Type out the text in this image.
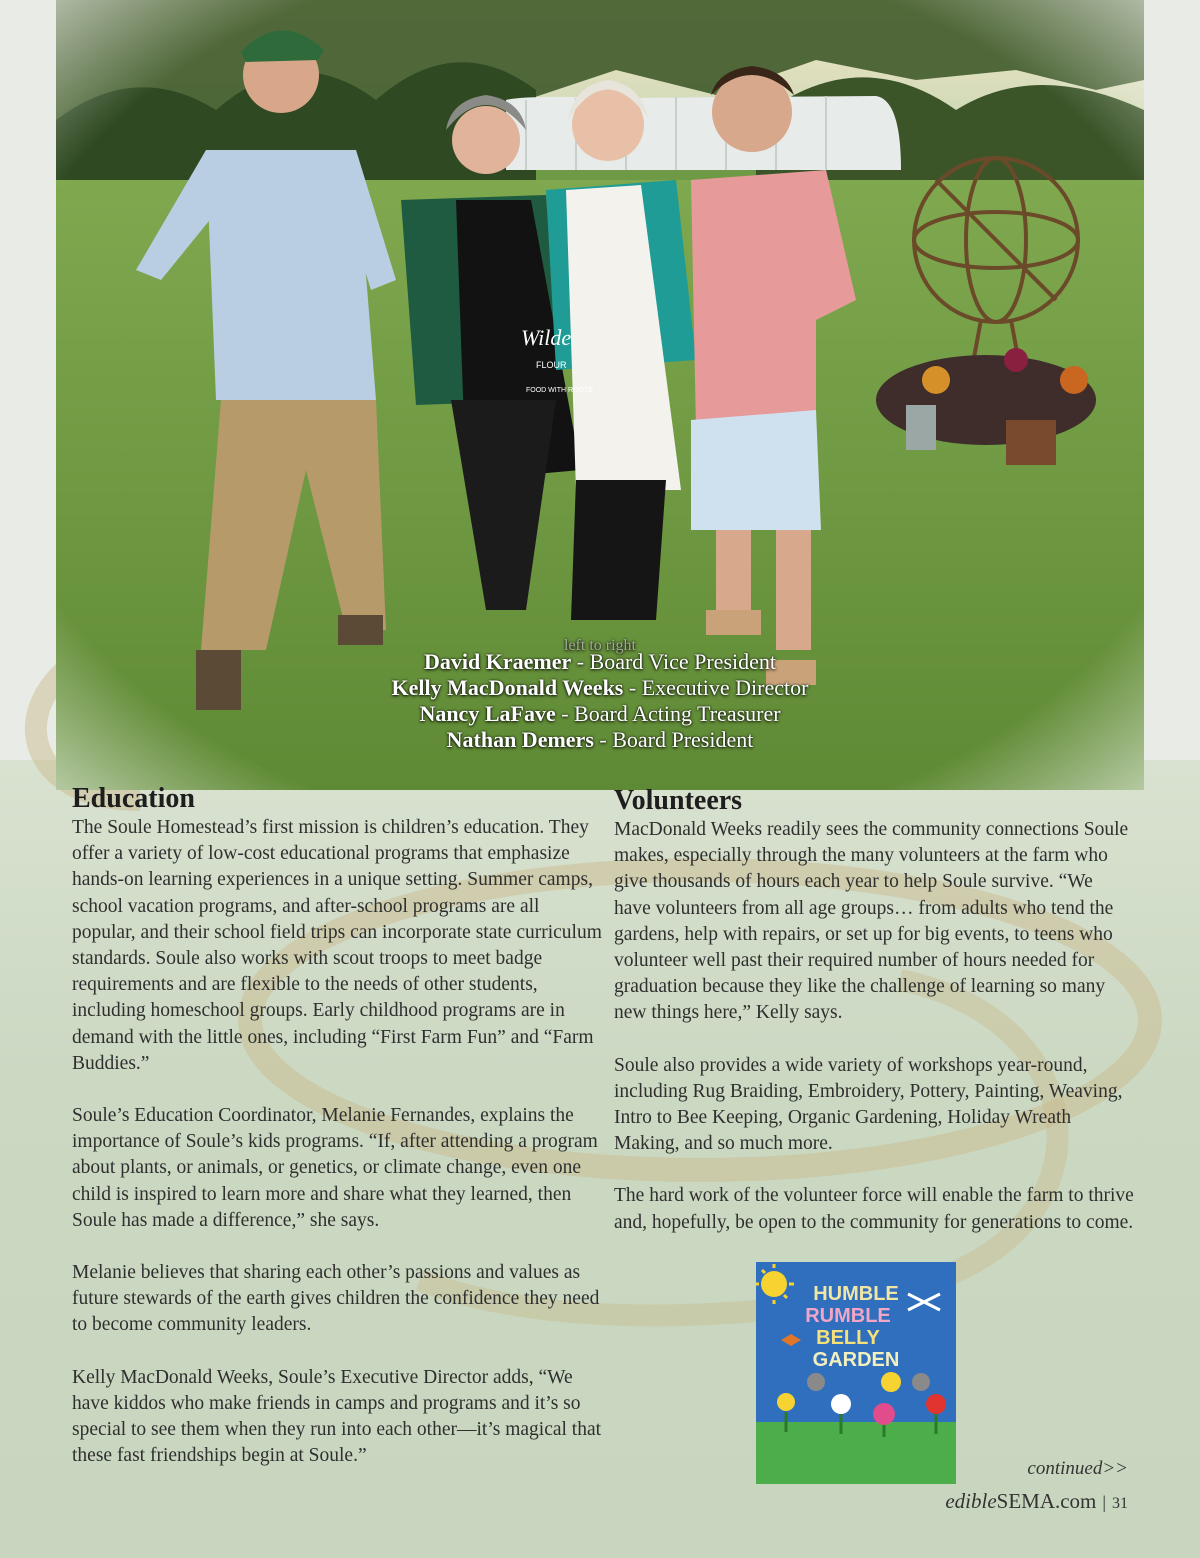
left to right
David Kraemer - Board Vice President
Kelly MacDonald Weeks - Executive Director
Nancy LaFave - Board Acting Treasurer
Nathan Demers - Board President
Education

The Soule Homestead’s first mission is children’s education. They offer a variety of low-cost educational programs that emphasize hands-on learning experiences in a unique setting. Summer camps, school vacation programs, and after-school programs are all popular, and their school field trips can incorporate state curriculum standards. Soule also works with scout troops to meet badge requirements and are flexible to the needs of other students, including homeschool groups. Early childhood programs are in demand with the little ones, including “First Farm Fun” and “Farm Buddies.”

Soule’s Education Coordinator, Melanie Fernandes, explains the importance of Soule’s kids programs. “If, after attending a program about plants, or animals, or genetics, or climate change, even one child is inspired to learn more and share what they learned, then Soule has made a difference,” she says.

Melanie believes that sharing each other’s passions and values as future stewards of the earth gives children the confidence they need to become community leaders.

Kelly MacDonald Weeks, Soule’s Executive Director adds, “We have kiddos who make friends in camps and programs and it’s so special to see them when they run into each other—it’s magical that these fast friendships begin at Soule.”

Volunteers

MacDonald Weeks readily sees the community connections Soule makes, especially through the many volunteers at the farm who give thousands of hours each year to help Soule survive. “We have volunteers from all age groups… from adults who tend the gardens, help with repairs, or set up for big events, to teens who volunteer well past their required number of hours needed for graduation because they like the challenge of learning so many new things here,” Kelly says.

Soule also provides a wide variety of workshops year-round, including Rug Braiding, Embroidery, Pottery, Painting, Weaving, Intro to Bee Keeping, Organic Gardening, Holiday Wreath Making, and so much more.

The hard work of the volunteer force will enable the farm to thrive and, hopefully, be open to the community for generations to come.

HUMBLE
RUMBLE
BELLY
GARDEN
continued>>
edibleSEMA.com | 31
